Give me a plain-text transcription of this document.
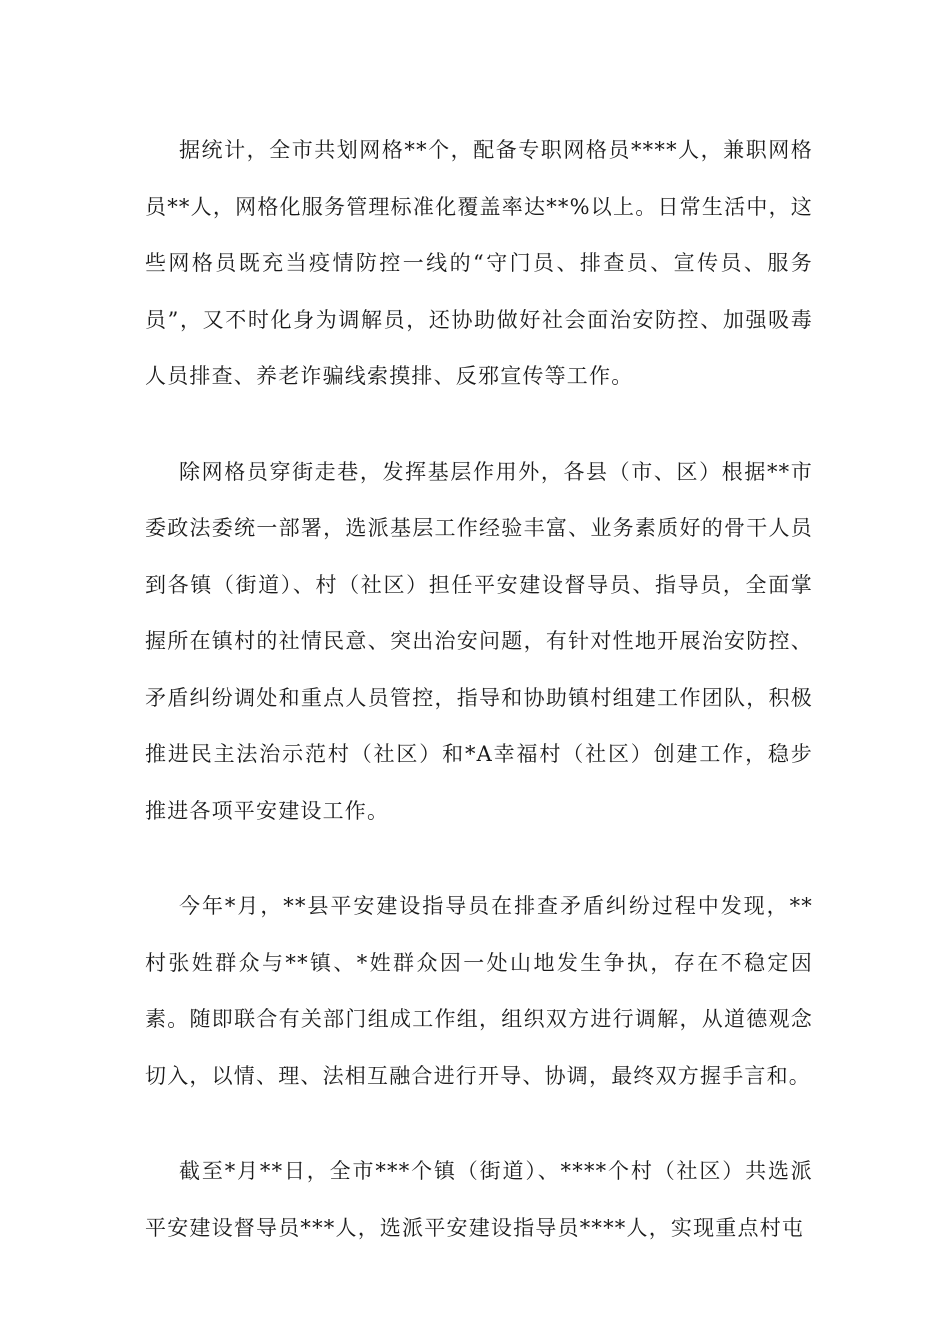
据统计，全市共划网格**个，配备专职网格员****人，兼职网格员**人，网格化服务管理标准化覆盖率达**%以上。日常生活中，这些网格员既充当疫情防控一线的“守门员、排查员、宣传员、服务员”，又不时化身为调解员，还协助做好社会面治安防控、加强吸毒人员排查、养老诈骗线索摸排、反邪宣传等工作。

除网格员穿街走巷，发挥基层作用外，各县（市、区）根据**市委政法委统一部署，选派基层工作经验丰富、业务素质好的骨干人员到各镇（街道）、村（社区）担任平安建设督导员、指导员，全面掌握所在镇村的社情民意、突出治安问题，有针对性地开展治安防控、矛盾纠纷调处和重点人员管控，指导和协助镇村组建工作团队，积极推进民主法治示范村（社区）和*A幸福村（社区）创建工作，稳步推进各项平安建设工作。

今年*月，**县平安建设指导员在排查矛盾纠纷过程中发现，**村张姓群众与**镇、*姓群众因一处山地发生争执，存在不稳定因素。随即联合有关部门组成工作组，组织双方进行调解，从道德观念切入，以情、理、法相互融合进行开导、协调，最终双方握手言和。

截至*月**日，全市***个镇（街道）、****个村（社区）共选派平安建设督导员***人，选派平安建设指导员****人，实现重点村屯
